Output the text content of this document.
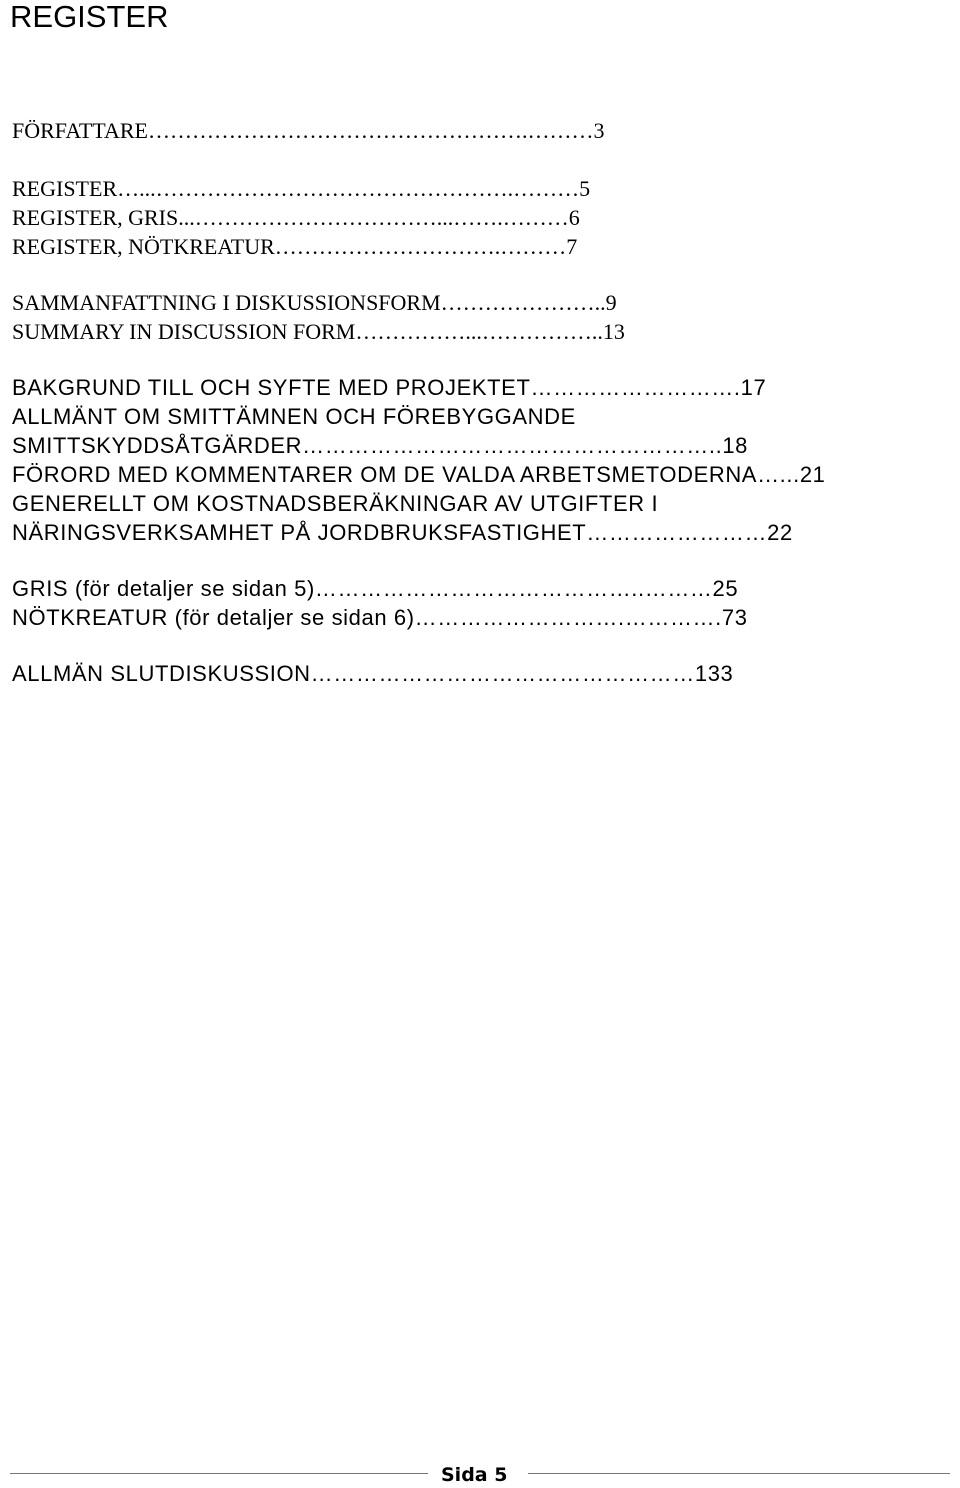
REGISTER
FÖRFATTARE…………………………………………….………3
REGISTER…...………………………………………….………5
REGISTER, GRIS...……………………………...…….………6
REGISTER, NÖTKREATUR………………………….………7
SAMMANFATTNING I DISKUSSIONSFORM…………………..9
SUMMARY IN DISCUSSION FORM……………...……………..13
BAKGRUND TILL OCH SYFTE MED PROJEKTET……………………….17
ALLMÄNT OM SMITTÄMNEN OCH FÖREBYGGANDE
SMITTSKYDDSÅTGÄRDER………………………………………………..18
FÖRORD MED KOMMENTARER OM DE VALDA ARBETSMETODERNA…...21
GENERELLT OM KOSTNADSBERÄKNINGAR AV UTGIFTER I
NÄRINGSVERKSAMHET PÅ JORDBRUKSFASTIGHET……………………22
GRIS (för detaljer se sidan 5)……………………………………..………25
NÖTKREATUR (för detaljer se sidan 6)……………………….………….73
ALLMÄN SLUTDISKUSSION……………………………………………133
Sida 5
